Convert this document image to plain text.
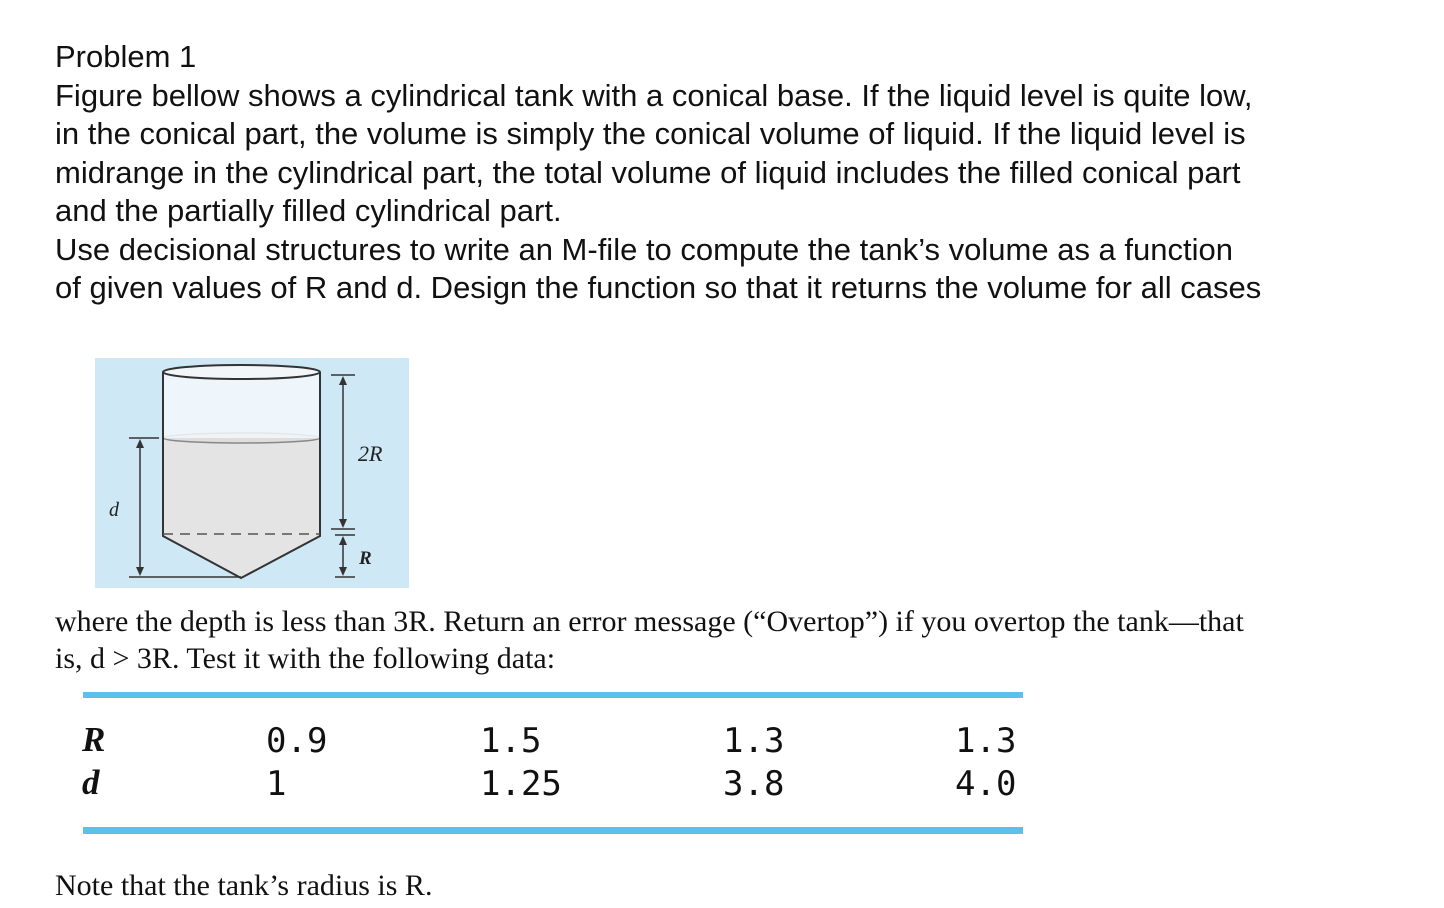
Problem 1
Figure bellow shows a cylindrical tank with a conical base. If the liquid level is quite low,
in the conical part, the volume is simply the conical volume of liquid. If the liquid level is
midrange in the cylindrical part, the total volume of liquid includes the filled conical part
and the partially filled cylindrical part.
Use decisional structures to write an M-file to compute the tank’s volume as a function
of given values of R and d. Design the function so that it returns the volume for all cases
2R
R
d
where the depth is less than 3R. Return an error message (“Overtop”) if you overtop the tank—that
is, d > 3R. Test it with the following data:
R	0.9	1.5	1.3	1.3
d	1	1.25	3.8	4.0
Note that the tank’s radius is R.
